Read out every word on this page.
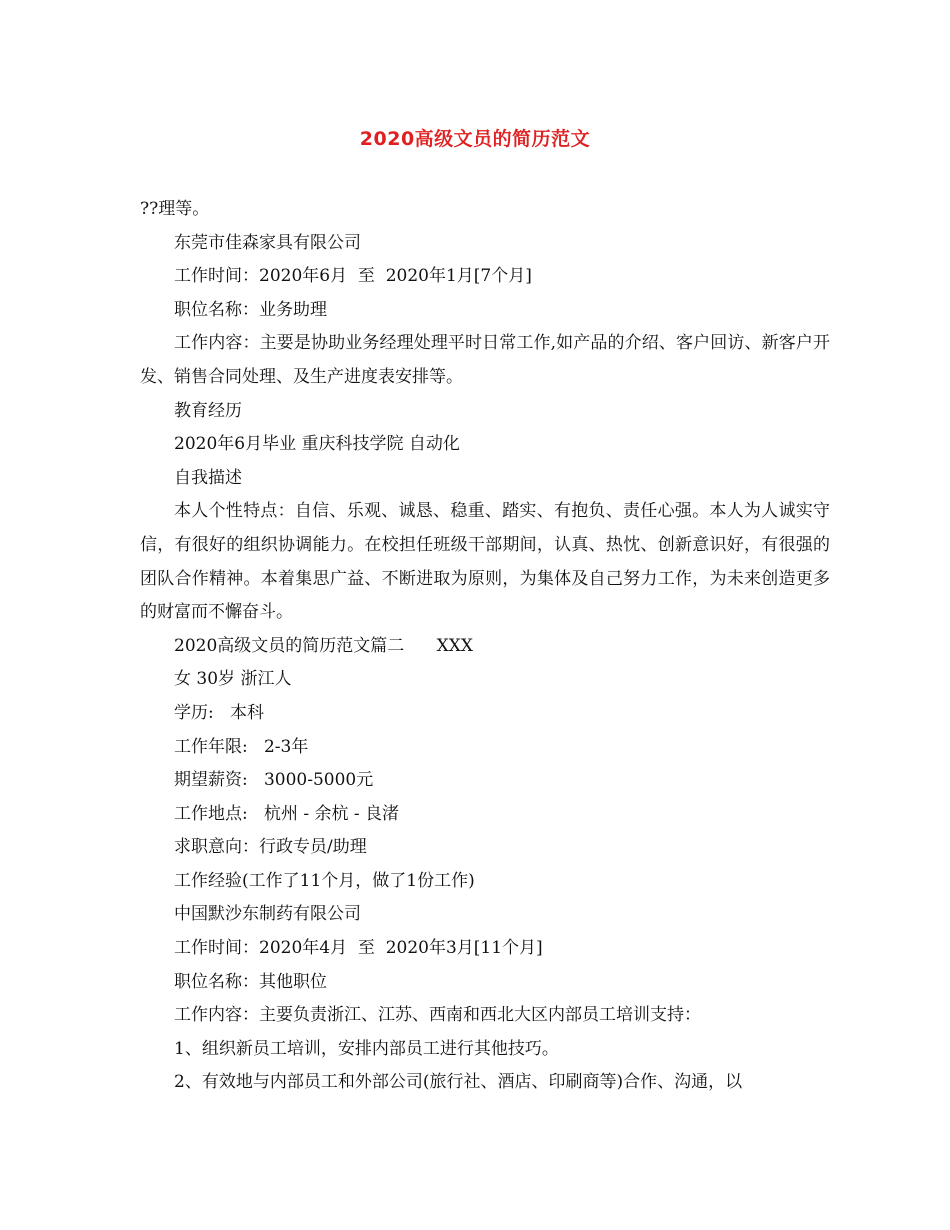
2020高级文员的简历范文

??理等。

东莞市佳森家具有限公司

工作时间：2020年6月  至  2020年1月[7个月]

职位名称：业务助理

工作内容：主要是协助业务经理处理平时日常工作,如产品的介绍、客户回访、新客户开发、销售合同处理、及生产进度表安排等。

教育经历

2020年6月毕业 重庆科技学院 自动化

自我描述

本人个性特点：自信、乐观、诚恳、稳重、踏实、有抱负、责任心强。本人为人诚实守信，有很好的组织协调能力。在校担任班级干部期间，认真、热忱、创新意识好，有很强的团队合作精神。本着集思广益、不断进取为原则，为集体及自己努力工作，为未来创造更多的财富而不懈奋斗。

2020高级文员的简历范文篇二      XXX

女 30岁 浙江人

学历:   本科

工作年限:   2-3年

期望薪资:   3000-5000元

工作地点:   杭州 - 余杭 - 良渚

求职意向：行政专员/助理

工作经验(工作了11个月，做了1份工作)

中国默沙东制药有限公司

工作时间：2020年4月  至  2020年3月[11个月]

职位名称：其他职位

工作内容：主要负责浙江、江苏、西南和西北大区内部员工培训支持：

1、组织新员工培训，安排内部员工进行其他技巧。

2、有效地与内部员工和外部公司(旅行社、酒店、印刷商等)合作、沟通，以
